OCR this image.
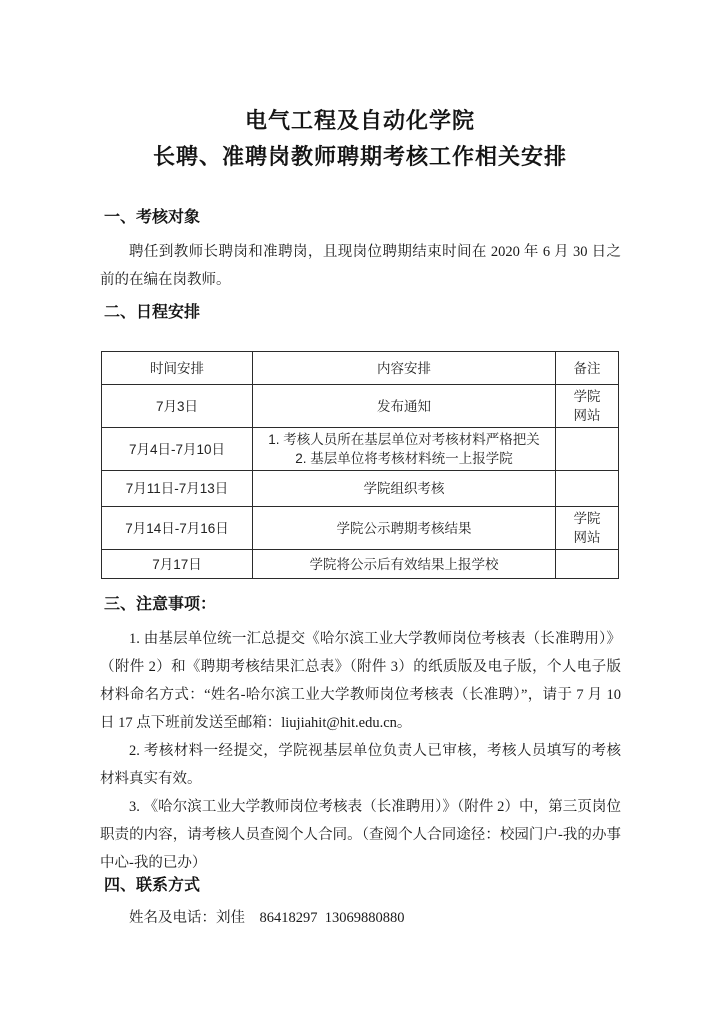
电气工程及自动化学院
长聘、准聘岗教师聘期考核工作相关安排
一、考核对象

聘任到教师长聘岗和准聘岗，且现岗位聘期结束时间在 2020 年 6 月 30 日之前的在编在岗教师。

二、日程安排
时间安排	内容安排	备注
7月3日	发布通知	学院网站

7月4日-7月10日	1. 考核人员所在基层单位对考核材料严格把关
2. 基层单位将考核材料统一上报学院	

7月11日-7月13日	学院组织考核	
7月14日-7月16日	学院公示聘期考核结果	学院网站

7月17日	学院将公示后有效结果上报学校	
三、注意事项：

1. 由基层单位统一汇总提交《哈尔滨工业大学教师岗位考核表（长准聘用）》（附件 2）和《聘期考核结果汇总表》（附件 3）的纸质版及电子版，个人电子版材料命名方式：“姓名-哈尔滨工业大学教师岗位考核表（长准聘）”，请于 7 月 10 日 17 点下班前发送至邮箱：liujiahit@hit.edu.cn。

2. 考核材料一经提交，学院视基层单位负责人已审核，考核人员填写的考核材料真实有效。

3. 《哈尔滨工业大学教师岗位考核表（长准聘用）》（附件 2）中，第三页岗位职责的内容，请考核人员查阅个人合同。（查阅个人合同途径：校园门户-我的办事中心-我的已办）

四、联系方式
姓名及电话：刘佳　86418297  13069880880
